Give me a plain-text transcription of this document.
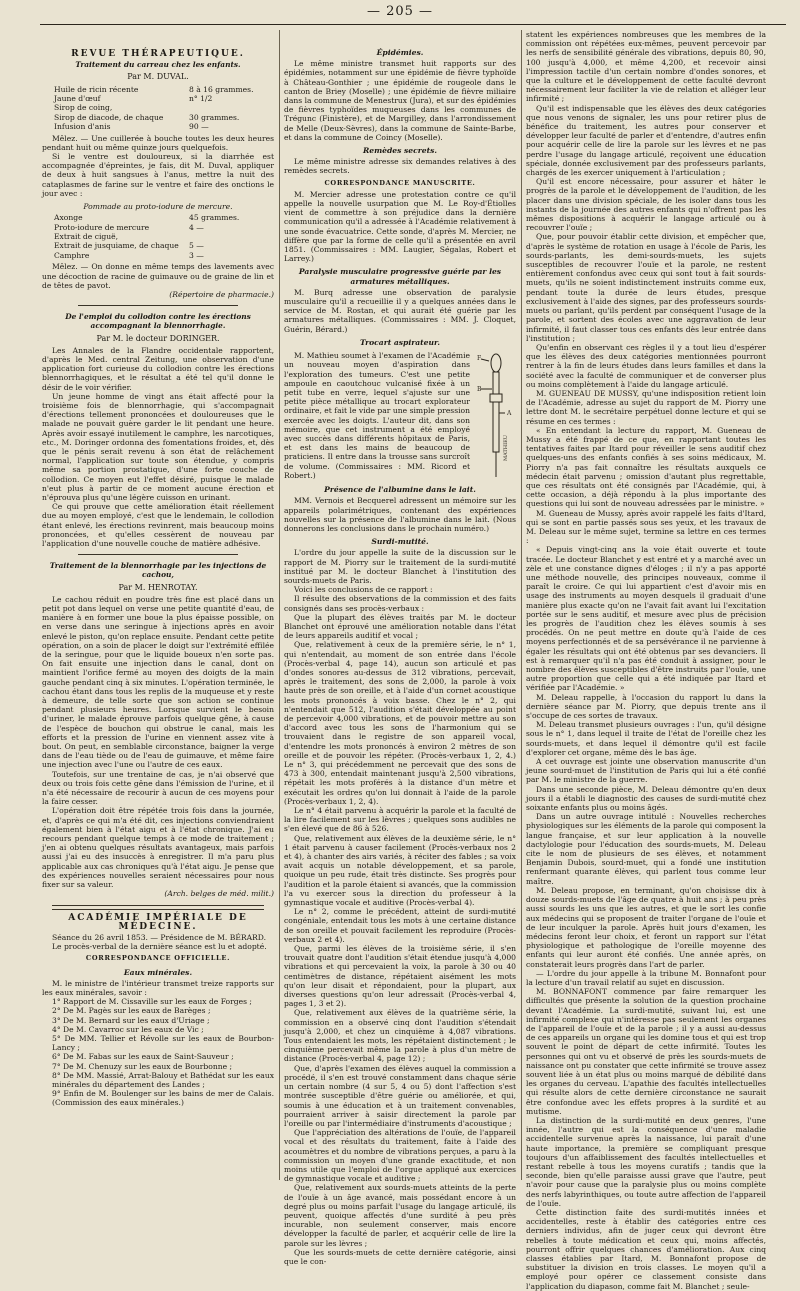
— 205 —
REVUE THÉRAPEUTIQUE.
Traitement du carreau chez les enfants.
Par M. DUVAL.
Huile de ricin récente	8 à 16 grammes.
Jaune d'œuf	n° 1/2
Sirop de coing,
Sirop de diacode, de chaque	30 grammes.
Infusion d'anis	90 —

Mêlez. — Une cuillerée à bouche toutes les deux heures pendant huit ou même quinze jours quelquefois.

Si le ventre est douloureux, si la diarrhée est accompagnée d'épreintes, je fais, dit M. Duval, appliquer de deux à huit sangsues à l'anus, mettre la nuit des cataplasmes de farine sur le ventre et faire des onctions le jour avec :

Pommade au proto-iodure de mercure.
Axonge	45 grammes.
Proto-iodure de mercure	4 —
Extrait de ciguë,
Extrait de jusquiame, de chaque	5 —
Camphre	3 —

Mêlez. — On donne en même temps des lavements avec une décoction de racine de guimauve ou de graine de lin et de têtes de pavot.

(Répertoire de pharmacie.)
De l'emploi du collodion contre les érections accompagnant la blennorrhagie.
Par M. le docteur DORINGER.

Les Annales de la Flandre occidentale rapportent, d'après le Med. central Zeitung, une observation d'une application fort curieuse du collodion contre les érections blennorrhagiques, et le résultat a été tel qu'il donne le désir de le voir vérifier.

Un jeune homme de vingt ans était affecté pour la troisième fois de blennorrhagie, qui s'accompagnait d'érections tellement prononcées et douloureuses que le malade ne pouvait guère garder le lit pendant une heure. Après avoir essayé inutilement le camphre, les narcotiques, etc., M. Doringer ordonna des fomentations froides, et, dès que le pénis serait revenu à son état de relâchement normal, l'application sur toute son étendue, y compris même sa portion prostatique, d'une forte couche de collodion. Ce moyen eut l'effet désiré, puisque le malade n'eut plus à partir de ce moment aucune érection et n'éprouva plus qu'une légère cuisson en urinant.

Ce qui prouve que cette amélioration était réellement due au moyen employé, c'est que le lendemain, le collodion étant enlevé, les érections revinrent, mais beaucoup moins prononcées, et qu'elles cessèrent de nouveau par l'application d'une nouvelle couche de matière adhésive.

Traitement de la blennorrhagie par les injections de cachou,
Par M. HENROTAY.

Le cachou réduit en poudre très fine est placé dans un petit pot dans lequel on verse une petite quantité d'eau, de manière à en former une boue la plus épaisse possible, on en verse dans une seringue à injections après en avoir enlevé le piston, qu'on replace ensuite. Pendant cette petite opération, on a soin de placer le doigt sur l'extrémité effilée de la seringue, pour que le liquide boueux n'en sorte pas. On fait ensuite une injection dans le canal, dont on maintient l'orifice fermé au moyen des doigts de la main gauche pendant cinq à six minutes. L'opération terminée, le cachou étant dans tous les replis de la muqueuse et y reste à demeure, de telle sorte que son action se continue pendant plusieurs heures. Lorsque survient le besoin d'uriner, le malade éprouve parfois quelque gêne, à cause de l'espèce de bouchon qui obstrue le canal, mais les efforts et la pression de l'urine en viennent assez vite à bout. On peut, en semblable circonstance, baigner la verge dans de l'eau tiède ou de l'eau de guimauve, et même faire une injection avec l'une ou l'autre de ces eaux.

Toutefois, sur une trentaine de cas, je n'ai observé que deux ou trois fois cette gêne dans l'émission de l'urine, et il n'a été nécessaire de recourir à aucun de ces moyens pour la faire cesser.

L'opération doit être répétée trois fois dans la journée, et, d'après ce qui m'a été dit, ces injections conviendraient également bien à l'état aigu et à l'état chronique. J'ai eu recours pendant quelque temps à ce mode de traitement ; j'en ai obtenu quelques résultats avantageux, mais parfois aussi j'ai eu des insuccès à enregistrer. Il m'a paru plus applicable aux cas chroniques qu'à l'état aigu. Je pense que des expériences nouvelles seraient nécessaires pour nous fixer sur sa valeur.

(Arch. belges de méd. milit.)
ACADÉMIE IMPÉRIALE DE MÉDECINE.

Séance du 26 avril 1853. — Présidence de M. BÉRARD.

Le procès-verbal de la dernière séance est lu et adopté.

CORRESPONDANCE OFFICIELLE.
Eaux minérales.

M. le ministre de l'intérieur transmet treize rapports sur les eaux minérales, savoir :

1° Rapport de M. Cissaville sur les eaux de Forges ;

2° De M. Pagès sur les eaux de Barèges ;

3° De M. Bernard sur les eaux d'Uriage ;

4° De M. Cavarroc sur les eaux de Vic ;

5° De MM. Tellier et Révolle sur les eaux de Bourbon-Lancy ;

6° De M. Fabas sur les eaux de Saint-Sauveur ;

7° De M. Chenuzy sur les eaux de Bourbonne ;

8° De MM. Massié, Arrat-Balouy et Bathédat sur les eaux minérales du département des Landes ;

9° Enfin de M. Boulenger sur les bains de mer de Calais. (Commission des eaux minérales.)

Épidémies.

Le même ministre transmet huit rapports sur des épidémies, notamment sur une épidémie de fièvre typhoïde à Château-Gonthier ; une épidémie de rougeole dans le canton de Briey (Moselle) ; une épidémie de fièvre miliaire dans la commune de Menestrux (Jura), et sur des épidémies de fièvres typhoïdes muqueuses dans les communes de Trégunc (Finistère), et de Margilley, dans l'arrondissement de Melle (Deux-Sèvres), dans la commune de Sainte-Barbe, et dans la commune de Coincy (Moselle).

Remèdes secrets.

Le même ministre adresse six demandes relatives à des remèdes secrets.

CORRESPONDANCE MANUSCRITE.

M. Mercier adresse une protestation contre ce qu'il appelle la nouvelle usurpation que M. Le Roy-d'Étiolles vient de commettre à son préjudice dans la dernière communication qu'il a adressée à l'Académie relativement à une sonde évacuatrice. Cette sonde, d'après M. Mercier, ne diffère que par la forme de celle qu'il a présentée en avril 1851. (Commissaires : MM. Laugier, Ségalas, Robert et Larrey.)

Paralysie musculaire progressive guérie par les armatures métalliques.

M. Burq adresse une observation de paralysie musculaire qu'il a recueillie il y a quelques années dans le service de M. Rostan, et qui aurait été guérie par les armatures métalliques. (Commissaires : MM. J. Cloquet, Guérin, Bérard.)

Trocart aspirateur.

M. Mathieu soumet à l'examen de l'Académie un nouveau moyen d'aspiration dans l'exploration des tumeurs. C'est une petite ampoule en caoutchouc vulcanisé fixée à un petit tube en verre, lequel s'ajuste sur une petite pièce métallique au trocart explorateur ordinaire, et fait le vide par une simple pression exercée avec les doigts. L'auteur dit, dans son mémoire, que cet instrument a été employé avec succès dans différents hôpitaux de Paris, et est dans les mains de beaucoup de praticiens. Il entre dans la trousse sans surcroît de volume. (Commissaires : MM. Ricord et Robert.)

F
B
A
MATHIEU
Présence de l'albumine dans le lait.

MM. Vernois et Becquerel adressent un mémoire sur les appareils polarimétriques, contenant des expériences nouvelles sur la présence de l'albumine dans le lait. (Nous donnerons les conclusions dans le prochain numéro.)

Surdi-mutité.

L'ordre du jour appelle la suite de la discussion sur le rapport de M. Piorry sur le traitement de la surdi-mutité institué par M. le docteur Blanchet à l'institution des sourds-muets de Paris.

Voici les conclusions de ce rapport :

Il résulte des observations de la commission et des faits consignés dans ses procès-verbaux :

Que la plupart des élèves traités par M. le docteur Blanchet ont éprouvé une amélioration notable dans l'état de leurs appareils auditif et vocal ;

Que, relativement à ceux de la première série, le n° 1, qui n'entendait, au moment de son entrée dans l'école (Procès-verbal 4, page 14), aucun son articulé et pas d'ondes sonores au-dessus de 312 vibrations, percevait, après le traitement, des sons de 2,000, la parole à voix haute près de son oreille, et à l'aide d'un cornet acoustique les mots prononcés à voix basse. Chez le n° 2, qui n'entendait que 512, l'audition s'était développée au point de percevoir 4,000 vibrations, et de pouvoir mettre au son d'accord avec tous les sons de l'harmonium qui se trouvaient dans le registre de son appareil vocal, d'entendre les mots prononcés à environ 2 mètres de son oreille et de pouvoir les répéter. (Procès-verbaux 1, 2, 4.) Le n° 3, qui précédemment ne percevait que des sons de 473 à 300, entendait maintenant jusqu'à 2,500 vibrations, répétait les mots proférés à la distance d'un mètre et exécutait les ordres qu'on lui donnait à l'aide de la parole (Procès-verbaux 1, 2, 4).

Le n° 4 était parvenu à acquérir la parole et la faculté de la lire facilement sur les lèvres ; quelques sons audibles ne s'en élevé que de 86 à 526.

Que, relativement aux élèves de la deuxième série, le n° 1 était parvenu à causer facilement (Procès-verbaux nos 2 et 4), à chanter des airs variés, à réciter des fables ; sa voix avait acquis un notable développement, et sa parole, quoique un peu rude, était très distincte. Ses progrès pour l'audition et la parole étaient si avancés, que la commission l'a vu exercer sous la direction du professeur à la gymnastique vocale et auditive (Procès-verbal 4).

Le n° 2, comme le précédent, atteint de surdi-mutité congéniale, entendait tous les mots à une certaine distance de son oreille et pouvait facilement les reproduire (Procès-verbaux 2 et 4).

Que, parmi les élèves de la troisième série, il s'en trouvait quatre dont l'audition s'était étendue jusqu'à 4,000 vibrations et qui percevaient la voix, la parole à 30 ou 40 centimètres de distance, répétaient aisément les mots qu'on leur disait et répondaient, pour la plupart, aux diverses questions qu'on leur adressait (Procès-verbal 4, pages 1, 3 et 2).

Que, relativement aux élèves de la quatrième série, la commission en a observé cinq dont l'audition s'étendait jusqu'à 2,000, et chez un cinquième à 4,087 vibrations. Tous entendaient les mots, les répétaient distinctement ; le cinquième percevait même la parole à plus d'un mètre de distance (Procès-verbal 4, page 12) ;

Que, d'après l'examen des élèves auquel la commission a procédé, il s'en est trouvé constamment dans chaque série un certain nombre (4 sur 5, 4 ou 5) dont l'affection s'est montrée susceptible d'être guérie ou améliorée, et qui, soumis à une éducation et à un traitement convenables, pourraient arriver à saisir directement la parole par l'oreille ou par l'intermédiaire d'instruments d'acoustique ;

Que l'appréciation des altérations de l'ouïe, de l'appareil vocal et des résultats du traitement, faite à l'aide des acoumètres et du nombre de vibrations perçues, a paru à la commission un moyen d'une grande exactitude, et non moins utile que l'emploi de l'orgue appliqué aux exercices de gymnastique vocale et auditive ;

Que, relativement aux sourds-muets atteints de la perte de l'ouïe à un âge avancé, mais possédant encore à un degré plus ou moins parfait l'usage du langage articulé, ils peuvent, quoique affectés d'une surdité à peu près incurable, non seulement conserver, mais encore développer la faculté de parler, et acquérir celle de lire la parole sur les lèvres ;

Que les sourds-muets de cette dernière catégorie, ainsi que le con-

statent les expériences nombreuses que les membres de la commission ont répétées eux-mêmes, peuvent percevoir par les nerfs de sensibilité générale des vibrations, depuis 80, 90, 100 jusqu'à 4,000, et même 4,200, et recevoir ainsi l'impression tactile d'un certain nombre d'ondes sonores, et que la culture et le développement de cette faculté devront nécessairement leur faciliter la vie de relation et alléger leur infirmité ;

Qu'il est indispensable que les élèves des deux catégories que nous venons de signaler, les uns pour retirer plus de bénéfice du traitement, les autres pour conserver et développer leur faculté de parler et d'entendre, d'autres enfin pour acquérir celle de lire la parole sur les lèvres et ne pas perdre l'usage du langage articulé, reçoivent une éducation spéciale, donnée exclusivement par des professeurs parlants, chargés de les exercer uniquement à l'articulation ;

Qu'il est encore nécessaire, pour assurer et hâter le progrès de la parole et le développement de l'audition, de les placer dans une division spéciale, de les isoler dans tous les instants de la journée des autres enfants qui n'offrent pas les mêmes dispositions à acquérir le langage articulé ou à recouvrer l'ouïe ;

Que, pour pouvoir établir cette division, et empêcher que, d'après le système de rotation en usage à l'école de Paris, les sourds-parlants, les demi-sourds-muets, les sujets susceptibles de recouvrer l'ouïe et la parole, ne restent entièrement confondus avec ceux qui sont tout à fait sourds-muets, qu'ils ne soient indistinctement instruits comme eux, pendant toute la durée de leurs études, presque exclusivement à l'aide des signes, par des professeurs sourds-muets ou parlant, qu'ils perdent par conséquent l'usage de la parole, et sortent des écoles avec une aggravation de leur infirmité, il faut classer tous ces enfants dès leur entrée dans l'institution ;

Qu'enfin en observant ces règles il y a tout lieu d'espérer que les élèves des deux catégories mentionnées pourront rentrer à la fin de leurs études dans leurs familles et dans la société avec la faculté de communiquer et de converser plus ou moins complètement à l'aide du langage articulé.

M. GUENEAU DE MUSSY, qu'une indisposition retient loin de l'Académie, adresse au sujet du rapport de M. Piorry une lettre dont M. le secrétaire perpétuel donne lecture et qui se résume en ces termes :

« En entendant la lecture du rapport, M. Gueneau de Mussy a été frappé de ce que, en rapportant toutes les tentatives faites par Itard pour réveiller le sens auditif chez quelques-uns des enfants confiés à ses soins médicaux, M. Piorry n'a pas fait connaître les résultats auxquels ce médecin était parvenu ; omission d'autant plus regrettable, que ces résultats ont été consignés par l'Académie, qui, à cette occasion, a déjà répondu à la plus importante des questions qui lui sont de nouveau adressées par le ministre. »

M. Gueneau de Mussy, après avoir rappelé les faits d'Itard, qui se sont en partie passés sous ses yeux, et les travaux de M. Deleau sur le même sujet, termine sa lettre en ces termes :

« Depuis vingt-cinq ans la voie était ouverte et toute tracée. Le docteur Blanchet y est entré et y a marché avec un zèle et une constance dignes d'éloges ; il n'y a pas apporté une méthode nouvelle, des principes nouveaux, comme il paraît le croire. Ce qui lui appartient c'est d'avoir mis en usage des instruments au moyen desquels il graduait d'une manière plus exacte qu'on ne l'avait fait avant lui l'excitation portée sur le sens auditif, et mesure avec plus de précision les progrès de l'audition chez les élèves soumis à ses procédés. On ne peut mettre en doute qu'à l'aide de ces moyens perfectionnés et de sa persévérance il ne parvienne à égaler les résultats qui ont été obtenus par ses devanciers. Il est à remarquer qu'il n'a pas été conduit à assigner, pour le nombre des élèves susceptibles d'être instruits par l'ouïe, une autre proportion que celle qui a été indiquée par Itard et vérifiée par l'Académie. »

M. Deleau rappelle, à l'occasion du rapport lu dans la dernière séance par M. Piorry, que depuis trente ans il s'occupe de ces sortes de travaux.

M. Deleau transmet plusieurs ouvrages : l'un, qu'il désigne sous le n° 1, dans lequel il traite de l'état de l'oreille chez les sourds-muets, et dans lequel il démontre qu'il est facile d'explorer cet organe, même dès le bas âge.

A cet ouvrage est jointe une observation manuscrite d'un jeune sourd-muet de l'institution de Paris qui lui a été confié par M. le ministre de la guerre.

Dans une seconde pièce, M. Deleau démontre qu'en deux jours il a établi le diagnostic des causes de surdi-mutité chez soixante enfants plus ou moins âgés.

Dans un autre ouvrage intitulé : Nouvelles recherches physiologiques sur les éléments de la parole qui composent la langue française, et sur leur application à la nouvelle dactylologie pour l'éducation des sourds-muets, M. Deleau cite le nom de plusieurs de ses élèves, et notamment Benjamin Dubois, sourd-muet, qui a fondé une institution renfermant quarante élèves, qui parlent tous comme leur maître.

M. Deleau propose, en terminant, qu'on choisisse dix à douze sourds-muets de l'âge de quatre à huit ans ; à peu près aussi sourds les uns que les autres, et que le sort les confie aux médecins qui se proposent de traiter l'organe de l'ouïe et de leur inculquer la parole. Après huit jours d'examen, les médecins feront leur choix, et feront un rapport sur l'état physiologique et pathologique de l'oreille moyenne des enfants qui leur auront été confiés. Une année après, on constaterait leurs progrès dans l'art de parler.

— L'ordre du jour appelle à la tribune M. Bonnafont pour la lecture d'un travail relatif au sujet en discussion.

M. BONNAFONT commence par faire remarquer les difficultés que présente la solution de la question prochaine devant l'Académie. La surdi-mutité, suivant lui, est une infirmité complexe qui n'intéresse pas seulement les organes de l'appareil de l'ouïe et de la parole ; il y a aussi au-dessus de ces appareils un organe qui les domine tous et qui est trop souvent le point de départ de cette infirmité. Toutes les personnes qui ont vu et observé de près les sourds-muets de naissance ont pu constater que cette infirmité se trouve assez souvent liée à un état plus ou moins marqué de débilité dans les organes du cerveau. L'apathie des facultés intellectuelles qui résulte alors de cette dernière circonstance ne saurait être confondue avec les effets propres à la surdité et au mutisme.

La distinction de la surdi-mutité en deux genres, l'une innée, l'autre qui est la conséquence d'une maladie accidentelle survenue après la naissance, lui paraît d'une haute importance, la première se compliquant presque toujours d'un affaiblissement des facultés intellectuelles et restant rebelle à tous les moyens curatifs ; tandis que la seconde, bien qu'elle paraisse aussi grave que l'autre, peut n'avoir pour cause que la paralysie plus ou moins complète des nerfs labyrinthiques, ou toute autre affection de l'appareil de l'ouïe.

Cette distinction faite des surdi-mutités innées et accidentelles, reste à établir des catégories entre ces derniers individus, afin de juger ceux qui devront être rebelles à toute médication et ceux qui, moins affectés, pourront offrir quelques chances d'amélioration. Aux cinq classes établies par Itard, M. Bonnafont propose de substituer la division en trois classes. Le moyen qu'il a employé pour opérer ce classement consiste dans l'application du diapason, comme fait M. Blanchet ; seule-
